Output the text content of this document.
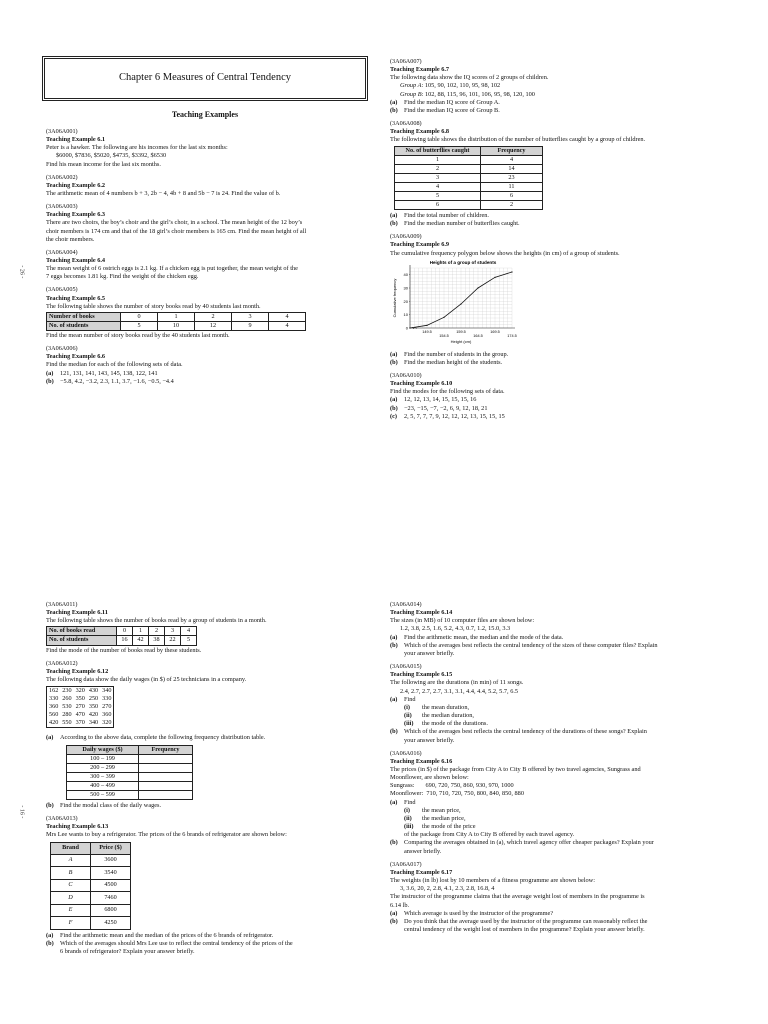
Chapter 6 Measures of Central Tendency
Teaching Examples
- 26 -
- 16 -
(3A06A001)
Teaching Example 6.1
Peter is a hawker. The following are his incomes for the last six months:
$6000, $7836, $5020, $4735, $3392, $6530
Find his mean income for the last six months.
(3A06A002)
Teaching Example 6.2
The arithmetic mean of 4 numbers b + 3, 2b − 4, 4b + 8 and 5b − 7 is 24. Find the value of b.
(3A06A003)
Teaching Example 6.3
There are two choirs, the boy’s choir and the girl’s choir, in a school. The mean height of the 12 boy’s
choir members is 174 cm and that of the 18 girl’s choir members is 165 cm. Find the mean height of all
the choir members.
(3A06A004)
Teaching Example 6.4
The mean weight of 6 ostrich eggs is 2.1 kg. If a chicken egg is put together, the mean weight of the
7 eggs becomes 1.81 kg. Find the weight of the chicken egg.
(3A06A005)
Teaching Example 6.5
The following table shows the number of story books read by 40 students last month.
Number of books	0	1	2	3	4
No. of students	5	10	12	9	4
Find the mean number of story books read by the 40 students last month.
(3A06A006)
Teaching Example 6.6
Find the median for each of the following sets of data.
(a)	121, 131, 141, 143, 145, 138, 122, 141
(b) −5.8, 4.2, −3.2, 2.3, 1.1, 3.7, −1.6, −0.5, −4.4
(3A06A007)
Teaching Example 6.7
The following data show the IQ scores of 2 groups of children.
Group A: 105, 90, 102, 110, 95, 98, 102
Group B: 102, 88, 115, 96, 101, 106, 95, 98, 120, 100
(a)	Find the median IQ score of Group A.
(b) Find the median IQ score of Group B.
(3A06A008)
Teaching Example 6.8
The following table shows the distribution of the number of butterflies caught by a group of children.
No. of butterflies caught	Frequency
1	4
2	14
3	23
4	11
5	6
6	2
(a)	Find the total number of children.
(b) Find the median number of butterflies caught.
(3A06A009)
Teaching Example 6.9
The cumulative frequency polygon below shows the heights (in cm) of a group of students.
Heights of a group of students
0
10
20
30
40
149.5	159.5	169.5
154.5	164.5	174.5
Height (cm)
Cumulative frequency
(a)	Find the number of students in the group.
(b) Find the median height of the students.
(3A06A010)
Teaching Example 6.10
Find the modes for the following sets of data.
(a)	12, 12, 13, 14, 15, 15, 15, 16
(b) −23, −15, −7, −2, 6, 9, 12, 18, 21
(c)	2, 5, 7, 7, 7, 9, 12, 12, 12, 13, 15, 15, 15
(3A06A011)
Teaching Example 6.11
The following table shows the number of books read by a group of students in a month.
No. of books read	0	1	2	3	4
No. of students	16	42	38	22	5
Find the mode of the number of books read by these students.
(3A06A012)
Teaching Example 6.12
The following data show the daily wages (in $) of 25 technicians in a company.
162	230	320	430	340
330	260	350	250	330
360	530	270	350	270
560	280	470	420	360
420	550	370	340	320
(a)	According to the above data, complete the following frequency distribution table.
Daily wages ($)	Frequency
100 – 199	
200 – 299	
300 – 399	
400 – 499	
500 – 599	
(b) Find the modal class of the daily wages.
(3A06A013)
Teaching Example 6.13
Mrs Lee wants to buy a refrigerator. The prices of the 6 brands of refrigerator are shown below:
Brand	Price ($)
A	3600
B	3540
C	4500
D	7460
E	6800
F	4250
(a)	Find the arithmetic mean and the median of the prices of the 6 brands of refrigerator.
(b) Which of the averages should Mrs Lee use to reflect the central tendency of the prices of the
6 brands of refrigerator? Explain your answer briefly.
(3A06A014)
Teaching Example 6.14
The sizes (in MB) of 10 computer files are shown below:
1.2, 3.8, 2.5, 1.6, 5.2, 4.3, 0.7, 1.2, 15.0, 3.3
(a)	Find the arithmetic mean, the median and the mode of the data.
(b) Which of the averages best reflects the central tendency of the sizes of these computer files? Explain
your answer briefly.
(3A06A015)
Teaching Example 6.15
The following are the durations (in min) of 11 songs.
2.4, 2.7, 2.7, 2.7, 3.1, 3.1, 4.4, 4.4, 5.2, 5.7, 6.5
(a)	Find
(i)	the mean duration,
(ii)	the median duration,
(iii)	the mode of the durations.
(b) Which of the averages best reflects the central tendency of the durations of these songs? Explain
your answer briefly.
(3A06A016)
Teaching Example 6.16
The prices (in $) of the package from City A to City B offered by two travel agencies, Sungrass and
Moonflower, are shown below:
Sungrass:       690, 720, 750, 860, 930, 970, 1000
Moonflower:  710, 710, 720, 750, 800, 840, 850, 880
(a)	Find
(i)	the mean price,
(ii)	the median price,
(iii)	the mode of the price
of the package from City A to City B offered by each travel agency.
(b) Comparing the averages obtained in (a), which travel agency offer cheaper packages? Explain your
answer briefly.
(3A06A017)
Teaching Example 6.17
The weights (in lb) lost by 10 members of a fitness programme are shown below:
3, 3.6, 20, 2, 2.8, 4.1, 2.3, 2.8, 16.8, 4
The instructor of the programme claims that the average weight lost of members in the programme is
6.14 lb.
(a)	Which average is used by the instructor of the programme?
(b) Do you think that the average used by the instructor of the programme can reasonably reflect the
central tendency of the weight lost of members in the programme? Explain your answer briefly.
